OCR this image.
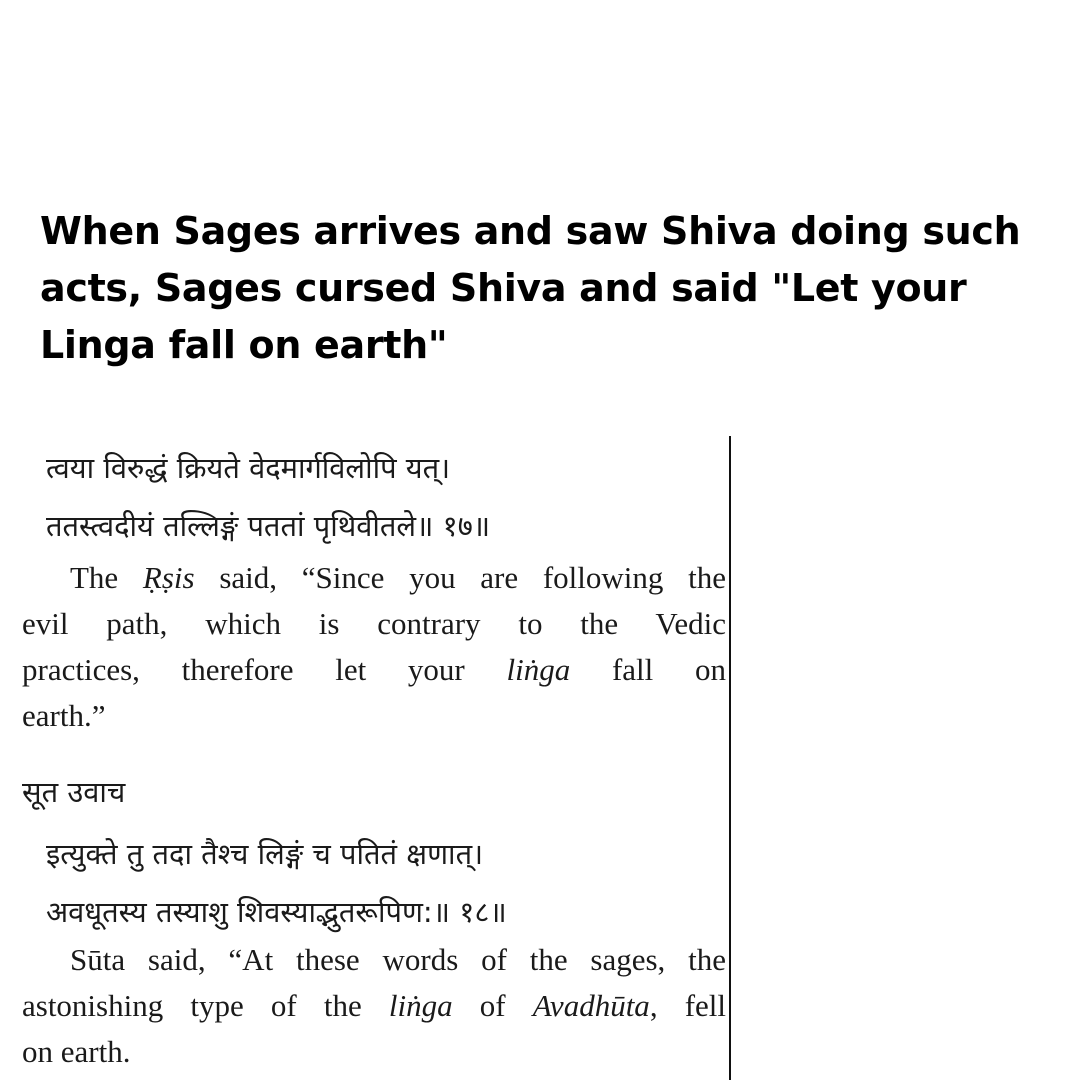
When Sages arrives and saw Shiva doing such acts, Sages cursed Shiva and said "Let your Linga fall on earth"
त्वया विरुद्धं क्रियते वेदमार्गविलोपि यत्।
ततस्त्वदीयं तल्लिङ्गं पततां पृथिवीतले॥ १७॥
The Ṛṣis said, “Since you are following the
evil path, which is contrary to the Vedic
practices, therefore let your liṅga fall on
earth.”
सूत उवाच
इत्युक्ते तु तदा तैश्च लिङ्गं च पतितं क्षणात्।
अवधूतस्य तस्याशु शिवस्याद्भुतरूपिण:॥ १८॥
Sūta said, “At these words of the sages, the
astonishing type of the liṅga of Avadhūta, fell
on earth.
